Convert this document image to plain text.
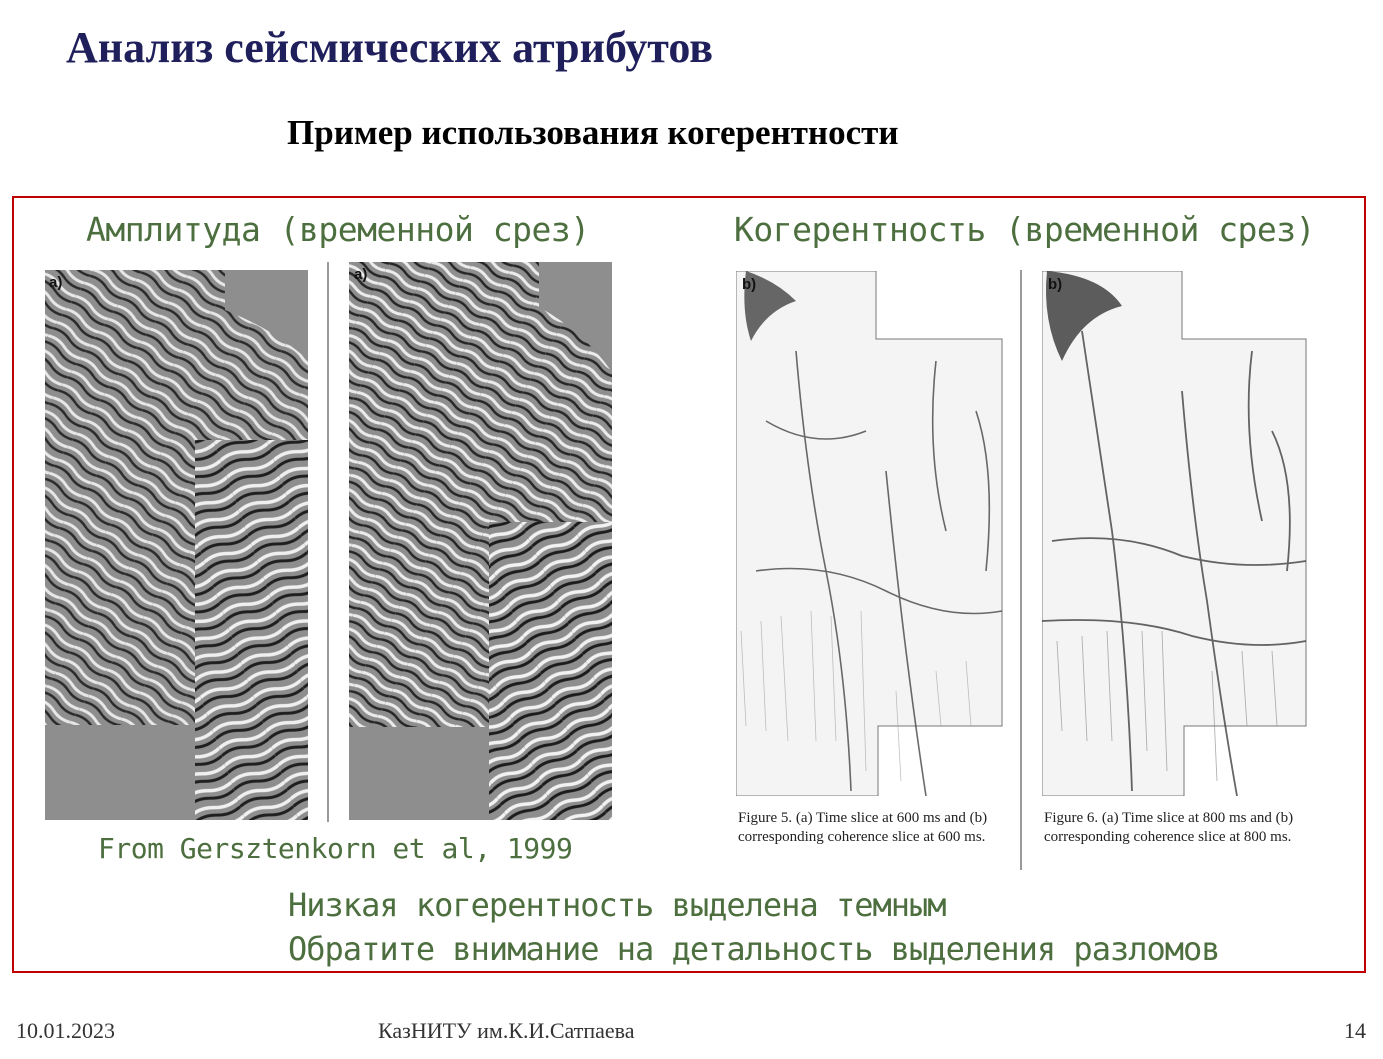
Анализ сейсмических атрибутов
Пример использования когерентности
Амплитуда (временной срез)	Когерентность (временной срез)
a)	a)
From Gersztenkorn et al, 1999
b)
Figure 5. (a) Time slice at 600 ms and (b) corresponding coherence slice at 600 ms.
b)
Figure 6. (a) Time slice at 800 ms and (b) corresponding coherence slice at 800 ms.
Низкая когерентность выделена темным
Обратите внимание на детальность выделения разломов
10.01.2023	КазНИТУ им.К.И.Сатпаева	14
